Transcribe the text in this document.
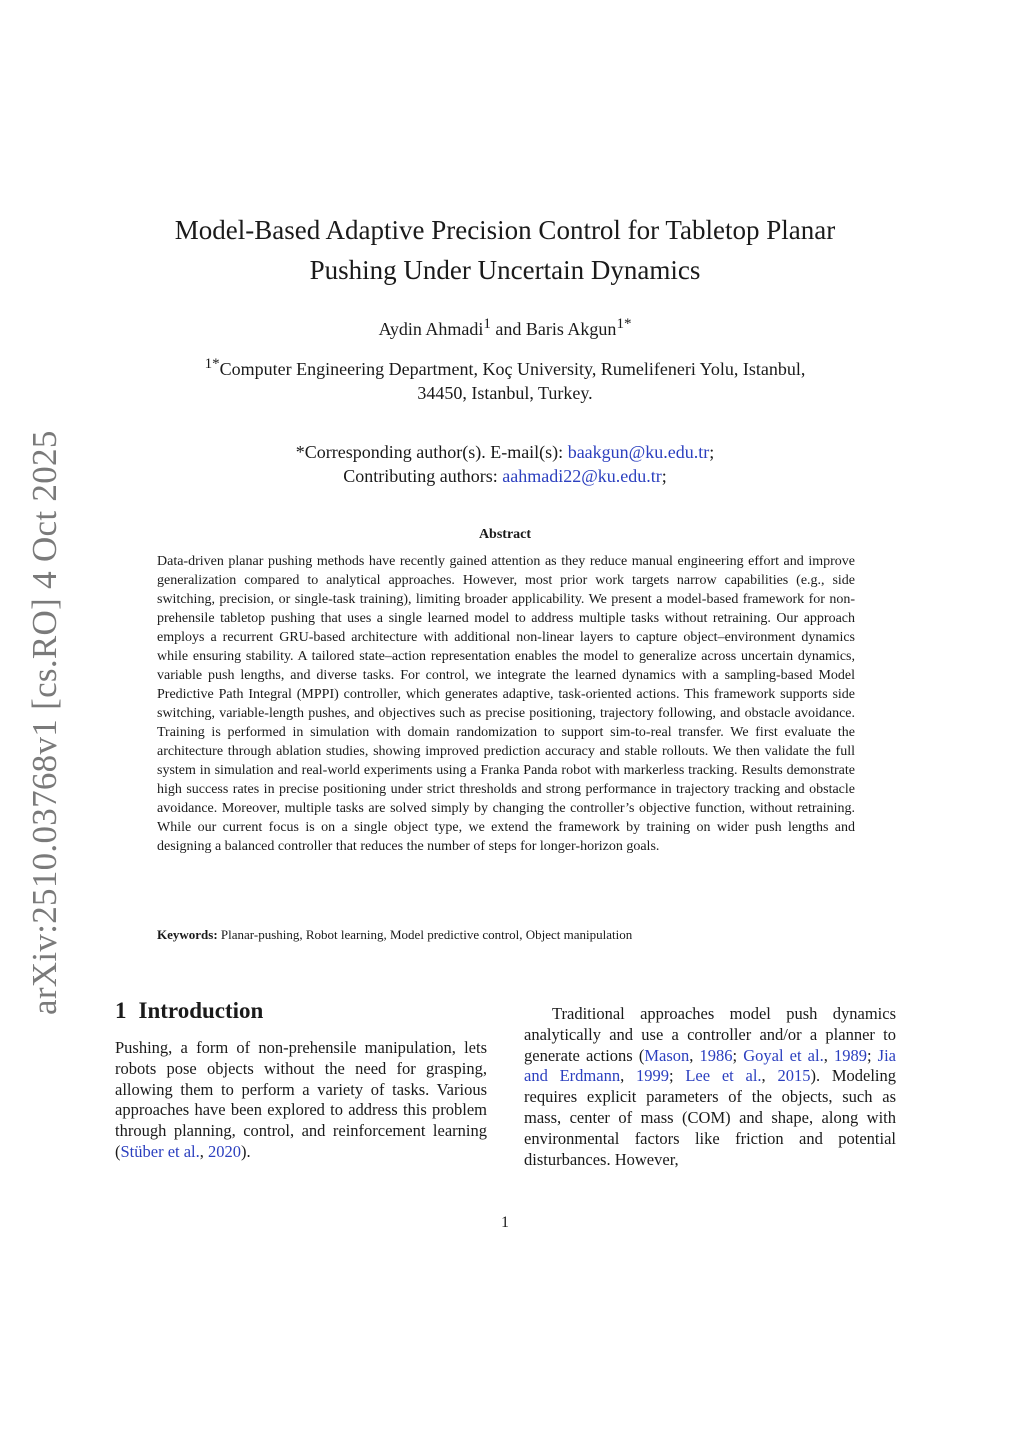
arXiv:2510.03768v1 [cs.RO] 4 Oct 2025
Model-Based Adaptive Precision Control for Tabletop Planar
Pushing Under Uncertain Dynamics
Aydin Ahmadi$^1$ and Baris Akgun$^{1*}$
$^{1*}$Computer Engineering Department, Koç University, Rumelifeneri Yolu, Istanbul,
34450, Istanbul, Turkey.
*Corresponding author(s). E-mail(s): baakgun@ku.edu.tr;
Contributing authors: aahmadi22@ku.edu.tr;
Abstract
Data-driven planar pushing methods have recently gained attention as they reduce manual engineering effort and improve generalization compared to analytical approaches. However, most prior work targets narrow capabilities (e.g., side switching, precision, or single-task training), limiting broader applicability. We present a model-based framework for non-prehensile tabletop pushing that uses a single learned model to address multiple tasks without retraining. Our approach employs a recurrent GRU-based architecture with additional non-linear layers to capture object–environment dynamics while ensuring stability. A tailored state–action representation enables the model to generalize across uncertain dynamics, variable push lengths, and diverse tasks. For control, we integrate the learned dynamics with a sampling-based Model Predictive Path Integral (MPPI) controller, which generates adaptive, task-oriented actions. This framework supports side switching, variable-length pushes, and objectives such as precise positioning, trajectory following, and obstacle avoidance. Training is performed in simulation with domain randomization to support sim-to-real transfer. We first evaluate the architecture through ablation studies, showing improved prediction accuracy and stable rollouts. We then validate the full system in simulation and real-world experiments using a Franka Panda robot with markerless tracking. Results demonstrate high success rates in precise positioning under strict thresholds and strong performance in trajectory tracking and obstacle avoidance. Moreover, multiple tasks are solved simply by changing the controller’s objective function, without retraining. While our current focus is on a single object type, we extend the framework by training on wider push lengths and designing a balanced controller that reduces the number of steps for longer-horizon goals.
Keywords: Planar-pushing, Robot learning, Model predictive control, Object manipulation
1 Introduction

Pushing, a form of non-prehensile manipulation, lets robots pose objects without the need for grasping, allowing them to perform a variety of tasks. Various approaches have been explored to address this problem through planning, control, and reinforcement learning (Stüber et al., 2020).

Traditional approaches model push dynamics analytically and use a controller and/or a planner to generate actions (Mason, 1986; Goyal et al., 1989; Jia and Erdmann, 1999; Lee et al., 2015). Modeling requires explicit parameters of the objects, such as mass, center of mass (COM) and shape, along with environmental factors like friction and potential disturbances. However,

1
